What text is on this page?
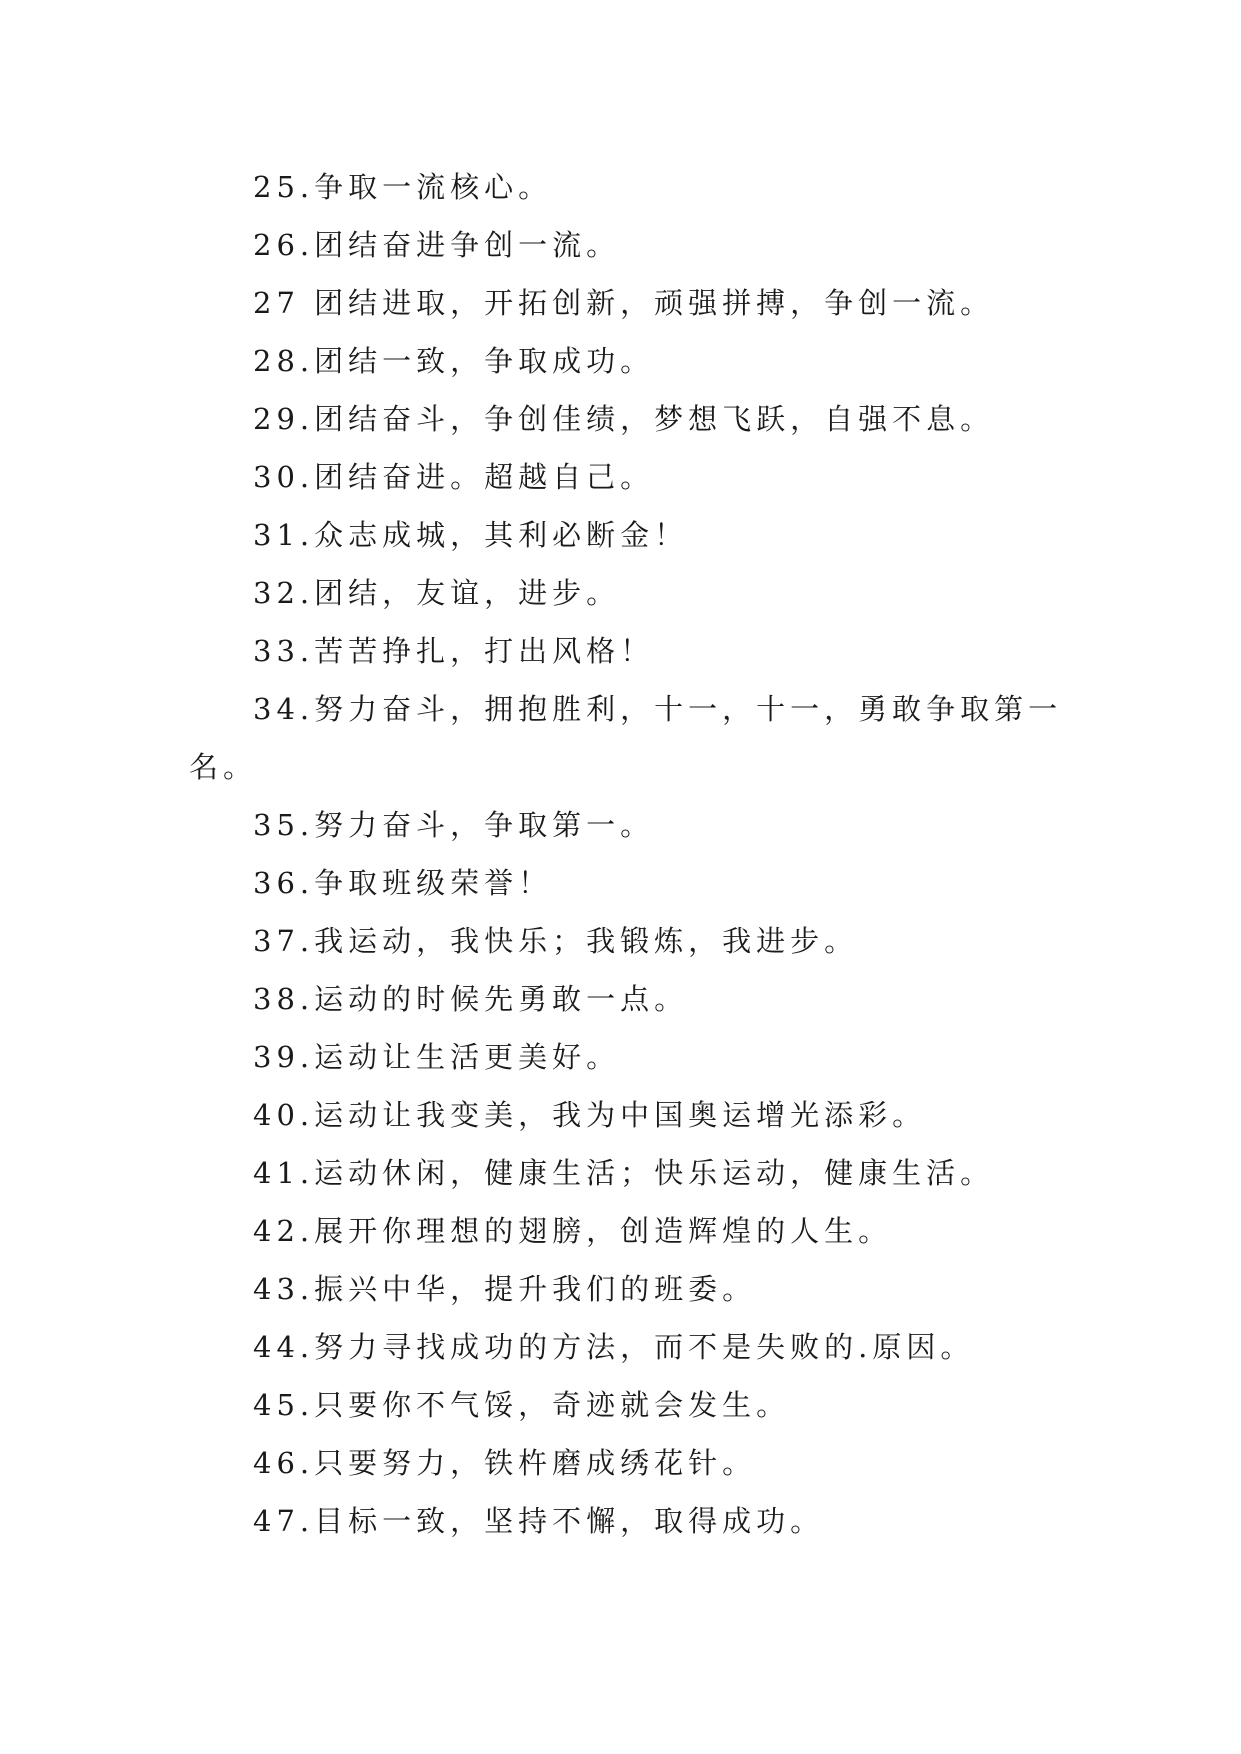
25.争取一流核心。
26.团结奋进争创一流。
27 团结进取，开拓创新，顽强拼搏，争创一流。
28.团结一致，争取成功。
29.团结奋斗，争创佳绩，梦想飞跃，自强不息。
30.团结奋进。超越自己。
31.众志成城，其利必断金！
32.团结，友谊，进步。
33.苦苦挣扎，打出风格！
34.努力奋斗，拥抱胜利，十一，十一，勇敢争取第一
名。
35.努力奋斗，争取第一。
36.争取班级荣誉！
37.我运动，我快乐；我锻炼，我进步。
38.运动的时候先勇敢一点。
39.运动让生活更美好。
40.运动让我变美，我为中国奥运增光添彩。
41.运动休闲，健康生活；快乐运动，健康生活。
42.展开你理想的翅膀，创造辉煌的人生。
43.振兴中华，提升我们的班委。
44.努力寻找成功的方法，而不是失败的.原因。
45.只要你不气馁，奇迹就会发生。
46.只要努力，铁杵磨成绣花针。
47.目标一致，坚持不懈，取得成功。
